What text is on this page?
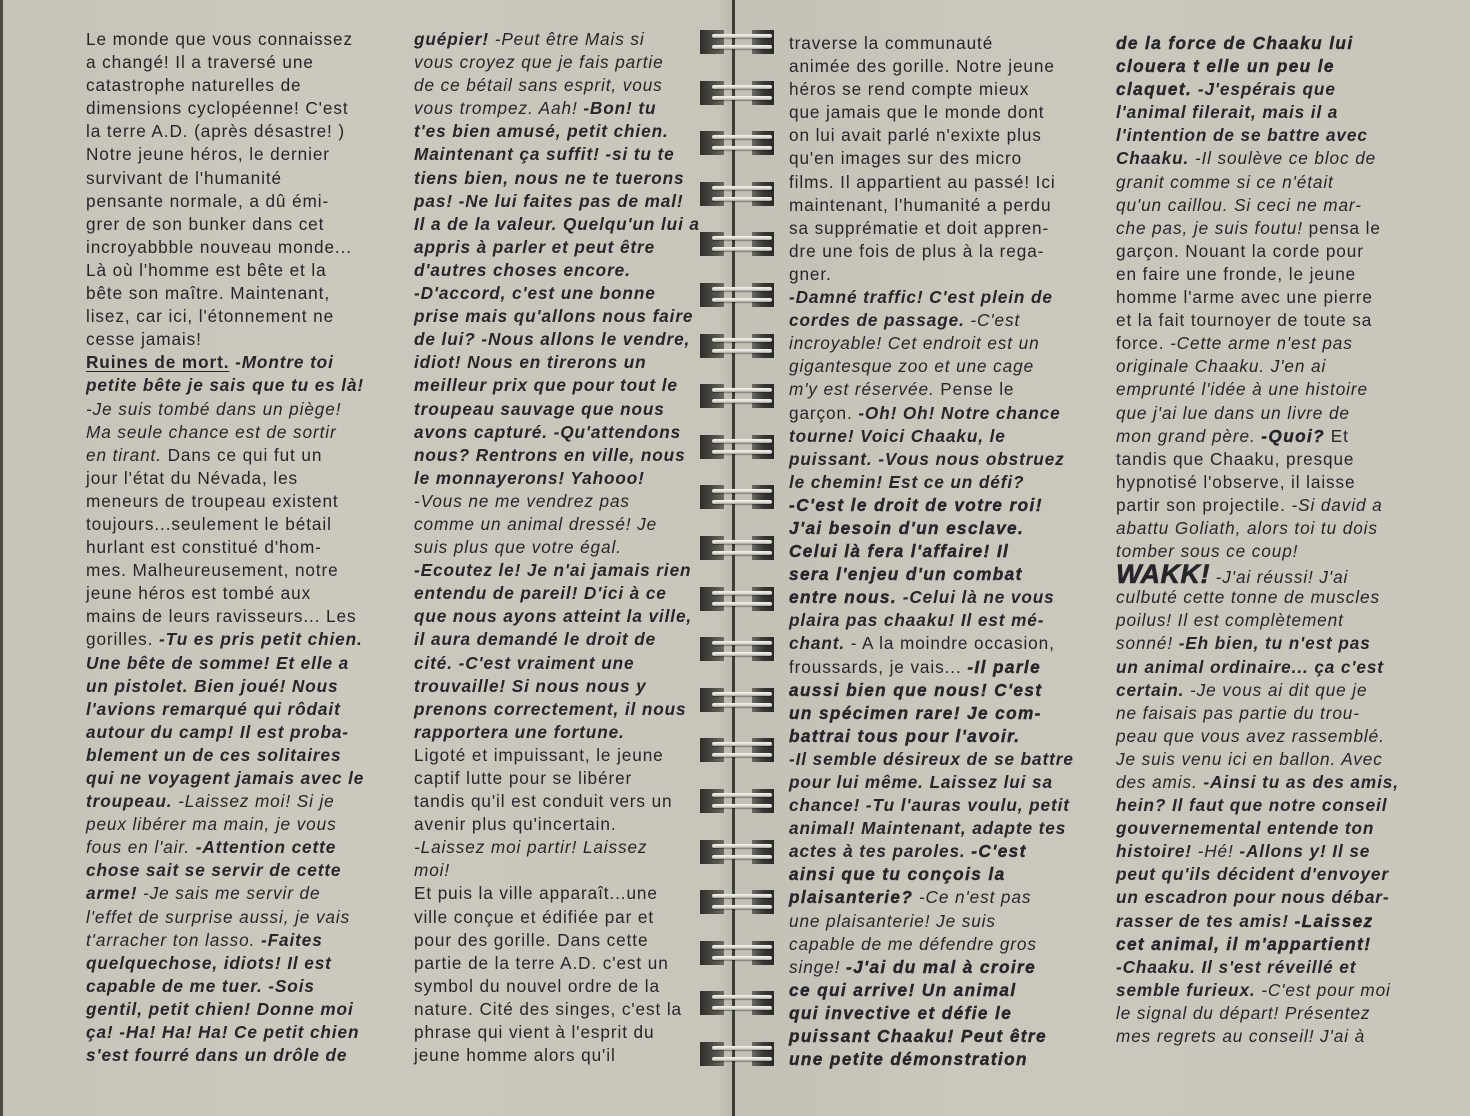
Le monde que vous connaissez
a changé! Il a traversé une
catastrophe naturelles de
dimensions cyclopéenne! C'est
la terre A.D. (après désastre! )
Notre jeune héros, le dernier
survivant de l'humanité
pensante normale, a dû émi-
grer de son bunker dans cet
incroyabbble nouveau monde...
Là où l'homme est bête et la
bête son maître. Maintenant,
lisez, car ici, l'étonnement ne
cesse jamais!
Ruines de mort. -Montre toi
petite bête je sais que tu es là!
-Je suis tombé dans un piège!
Ma seule chance est de sortir
en tirant. Dans ce qui fut un
jour l'état du Névada, les
meneurs de troupeau existent
toujours...seulement le bétail
hurlant est constitué d'hom-
mes. Malheureusement, notre
jeune héros est tombé aux
mains de leurs ravisseurs... Les
gorilles. -Tu es pris petit chien.
Une bête de somme! Et elle a
un pistolet. Bien joué! Nous
l'avions remarqué qui rôdait
autour du camp! Il est proba-
blement un de ces solitaires
qui ne voyagent jamais avec le
troupeau. -Laissez moi! Si je
peux libérer ma main, je vous
fous en l'air. -Attention cette
chose sait se servir de cette
arme! -Je sais me servir de
l'effet de surprise aussi, je vais
t'arracher ton lasso. -Faites
quelquechose, idiots! Il est
capable de me tuer. -Sois
gentil, petit chien! Donne moi
ça! -Ha! Ha! Ha! Ce petit chien
s'est fourré dans un drôle de
guépier! -Peut être Mais si
vous croyez que je fais partie
de ce bétail sans esprit, vous
vous trompez. Aah! -Bon! tu
t'es bien amusé, petit chien.
Maintenant ça suffit! -si tu te
tiens bien, nous ne te tuerons
pas! -Ne lui faites pas de mal!
Il a de la valeur. Quelqu'un lui a
appris à parler et peut être
d'autres choses encore.
-D'accord, c'est une bonne
prise mais qu'allons nous faire
de lui? -Nous allons le vendre,
idiot! Nous en tirerons un
meilleur prix que pour tout le
troupeau sauvage que nous
avons capturé. -Qu'attendons
nous? Rentrons en ville, nous
le monnayerons! Yahooo!
-Vous ne me vendrez pas
comme un animal dressé! Je
suis plus que votre égal.
-Ecoutez le! Je n'ai jamais rien
entendu de pareil! D'ici à ce
que nous ayons atteint la ville,
il aura demandé le droit de
cité. -C'est vraiment une
trouvaille! Si nous nous y
prenons correctement, il nous
rapportera une fortune.
Ligoté et impuissant, le jeune
captif lutte pour se libérer
tandis qu'il est conduit vers un
avenir plus qu'incertain.
-Laissez moi partir! Laissez
moi!
Et puis la ville apparaît...une
ville conçue et édifiée par et
pour des gorille. Dans cette
partie de la terre A.D. c'est un
symbol du nouvel ordre de la
nature. Cité des singes, c'est la
phrase qui vient à l'esprit du
jeune homme alors qu'il
traverse la communauté
animée des gorille. Notre jeune
héros se rend compte mieux
que jamais que le monde dont
on lui avait parlé n'exixte plus
qu'en images sur des micro
films. Il appartient au passé! Ici
maintenant, l'humanité a perdu
sa supprématie et doit appren-
dre une fois de plus à la rega-
gner.
-Damné traffic! C'est plein de
cordes de passage. -C'est
incroyable! Cet endroit est un
gigantesque zoo et une cage
m'y est réservée. Pense le
garçon. -Oh! Oh! Notre chance
tourne! Voici Chaaku, le
puissant. -Vous nous obstruez
le chemin! Est ce un défi?
-C'est le droit de votre roi!
J'ai besoin d'un esclave.
Celui là fera l'affaire! Il
sera l'enjeu d'un combat
entre nous. -Celui là ne vous
plaira pas chaaku! Il est mé-
chant. - A la moindre occasion,
froussards, je vais... -Il parle
aussi bien que nous! C'est
un spécimen rare! Je com-
battrai tous pour l'avoir.
-Il semble désireux de se battre
pour lui même. Laissez lui sa
chance! -Tu l'auras voulu, petit
animal! Maintenant, adapte tes
actes à tes paroles. -C'est
ainsi que tu conçois la
plaisanterie? -Ce n'est pas
une plaisanterie! Je suis
capable de me défendre gros
singe! -J'ai du mal à croire
ce qui arrive! Un animal
qui invective et défie le
puissant Chaaku! Peut être
une petite démonstration
de la force de Chaaku lui
clouera t elle un peu le
claquet. -J'espérais que
l'animal filerait, mais il a
l'intention de se battre avec
Chaaku. -Il soulève ce bloc de
granit comme si ce n'était
qu'un caillou. Si ceci ne mar-
che pas, je suis foutu! pensa le
garçon. Nouant la corde pour
en faire une fronde, le jeune
homme l'arme avec une pierre
et la fait tournoyer de toute sa
force. -Cette arme n'est pas
originale Chaaku. J'en ai
emprunté l'idée à une histoire
que j'ai lue dans un livre de
mon grand père. -Quoi? Et
tandis que Chaaku, presque
hypnotisé l'observe, il laisse
partir son projectile. -Si david a
abattu Goliath, alors toi tu dois
tomber sous ce coup!
WAKK! -J'ai réussi! J'ai
culbuté cette tonne de muscles
poilus! Il est complètement
sonné! -Eh bien, tu n'est pas
un animal ordinaire... ça c'est
certain. -Je vous ai dit que je
ne faisais pas partie du trou-
peau que vous avez rassemblé.
Je suis venu ici en ballon. Avec
des amis. -Ainsi tu as des amis,
hein? Il faut que notre conseil
gouvernemental entende ton
histoire! -Hé! -Allons y! Il se
peut qu'ils décident d'envoyer
un escadron pour nous débar-
rasser de tes amis! -Laissez
cet animal, il m'appartient!
-Chaaku. Il s'est réveillé et
semble furieux. -C'est pour moi
le signal du départ! Présentez
mes regrets au conseil! J'ai à
